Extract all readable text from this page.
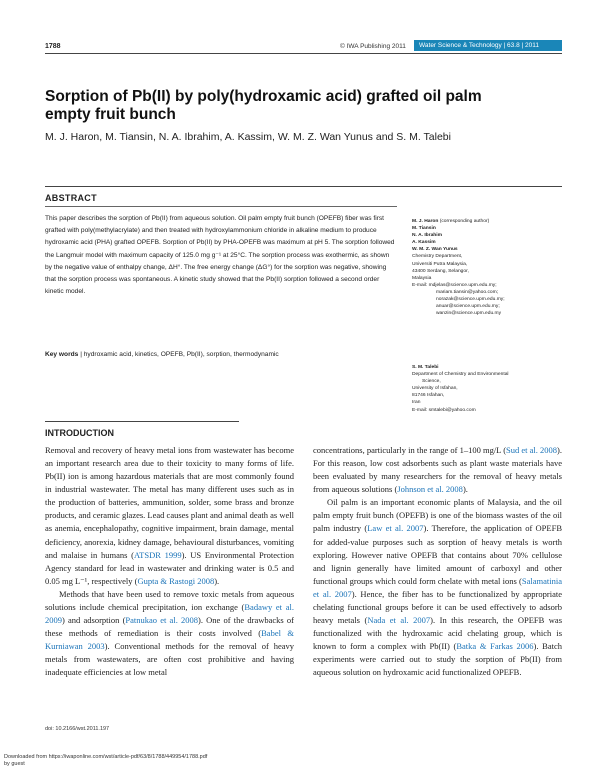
1788	© IWA Publishing 2011	Water Science & Technology | 63.8 | 2011
Sorption of Pb(II) by poly(hydroxamic acid) grafted oil palm empty fruit bunch
M. J. Haron, M. Tiansin, N. A. Ibrahim, A. Kassim, W. M. Z. Wan Yunus and S. M. Talebi
ABSTRACT
This paper describes the sorption of Pb(II) from aqueous solution. Oil palm empty fruit bunch (OPEFB) fiber was first grafted with poly(methylacrylate) and then treated with hydroxylammonium chloride in alkaline medium to produce hydroxamic acid (PHA) grafted OPEFB. Sorption of Pb(II) by PHA-OPEFB was maximum at pH 5. The sorption followed the Langmuir model with maximum capacity of 125.0 mg g⁻¹ at 25°C. The sorption process was exothermic, as shown by the negative value of enthalpy change, ΔH°. The free energy change (ΔG°) for the sorption was negative, showing that the sorption process was spontaneous. A kinetic study showed that the Pb(II) sorption followed a second order kinetic model.
Key words | hydroxamic acid, kinetics, OPEFB, Pb(II), sorption, thermodynamic
M. J. Haron (corresponding author)
M. Tiansin
N. A. Ibrahim
A. Kassim
W. M. Z. Wan Yunus
Chemistry Department,
Universiti Putra Malaysia,
43400 Serdang, Selangor,
Malaysia
E-mail: mdjelas@science.upm.edu.my;
mariam.tiansin@yahoo.com;
norazak@science.upm.edu.my;
anuar@science.upm.edu.my;
wanzin@science.upm.edu.my
S. M. Talebi
Department of Chemistry and Environmental
Science,
University of Isfahan,
81746 Isfahan,
Iran
E-mail: smtalebi@yahoo.com
INTRODUCTION

Removal and recovery of heavy metal ions from wastewater has become an important research area due to their toxicity to many forms of life. Pb(II) ion is among hazardous materials that are most commonly found in industrial wastewater. The metal has many different uses such as in the production of batteries, ammunition, solder, some brass and bronze products, and ceramic glazes. Lead causes plant and animal death as well as anemia, encephalopathy, cognitive impairment, brain damage, mental deficiency, anorexia, kidney damage, behavioural disturbances, vomiting and malaise in humans (ATSDR 1999). US Environmental Protection Agency standard for lead in wastewater and drinking water is 0.5 and 0.05 mg L⁻¹, respectively (Gupta & Rastogi 2008).

Methods that have been used to remove toxic metals from aqueous solutions include chemical precipitation, ion exchange (Badawy et al. 2009) and adsorption (Patnukao et al. 2008). One of the drawbacks of these methods of remediation is their costs involved (Babel & Kurniawan 2003). Conventional methods for the removal of heavy metals from wastewaters, are often cost prohibitive and having inadequate efficiencies at low metal

concentrations, particularly in the range of 1–100 mg/L (Sud et al. 2008). For this reason, low cost adsorbents such as plant waste materials have been evaluated by many researchers for the removal of heavy metals from aqueous solutions (Johnson et al. 2008).

Oil palm is an important economic plants of Malaysia, and the oil palm empty fruit bunch (OPEFB) is one of the biomass wastes of the oil palm industry (Law et al. 2007). Therefore, the application of OPEFB for added-value purposes such as sorption of heavy metals is worth exploring. However native OPEFB that contains about 70% cellulose and lignin generally have limited amount of carboxyl and other functional groups which could form chelate with metal ions (Salamatinia et al. 2007). Hence, the fiber has to be functionalized by appropriate chelating functional groups before it can be used effectively to adsorb heavy metals (Nada et al. 2007). In this research, the OPEFB was functionalized with the hydroxamic acid chelating group, which is known to form a complex with Pb(II) (Batka & Farkas 2006). Batch experiments were carried out to study the sorption of Pb(II) from aqueous solution on hydroxamic acid functionalized OPEFB.

doi: 10.2166/wst.2011.197
Downloaded from https://iwaponline.com/wst/article-pdf/63/8/1788/449954/1788.pdf
by guest
